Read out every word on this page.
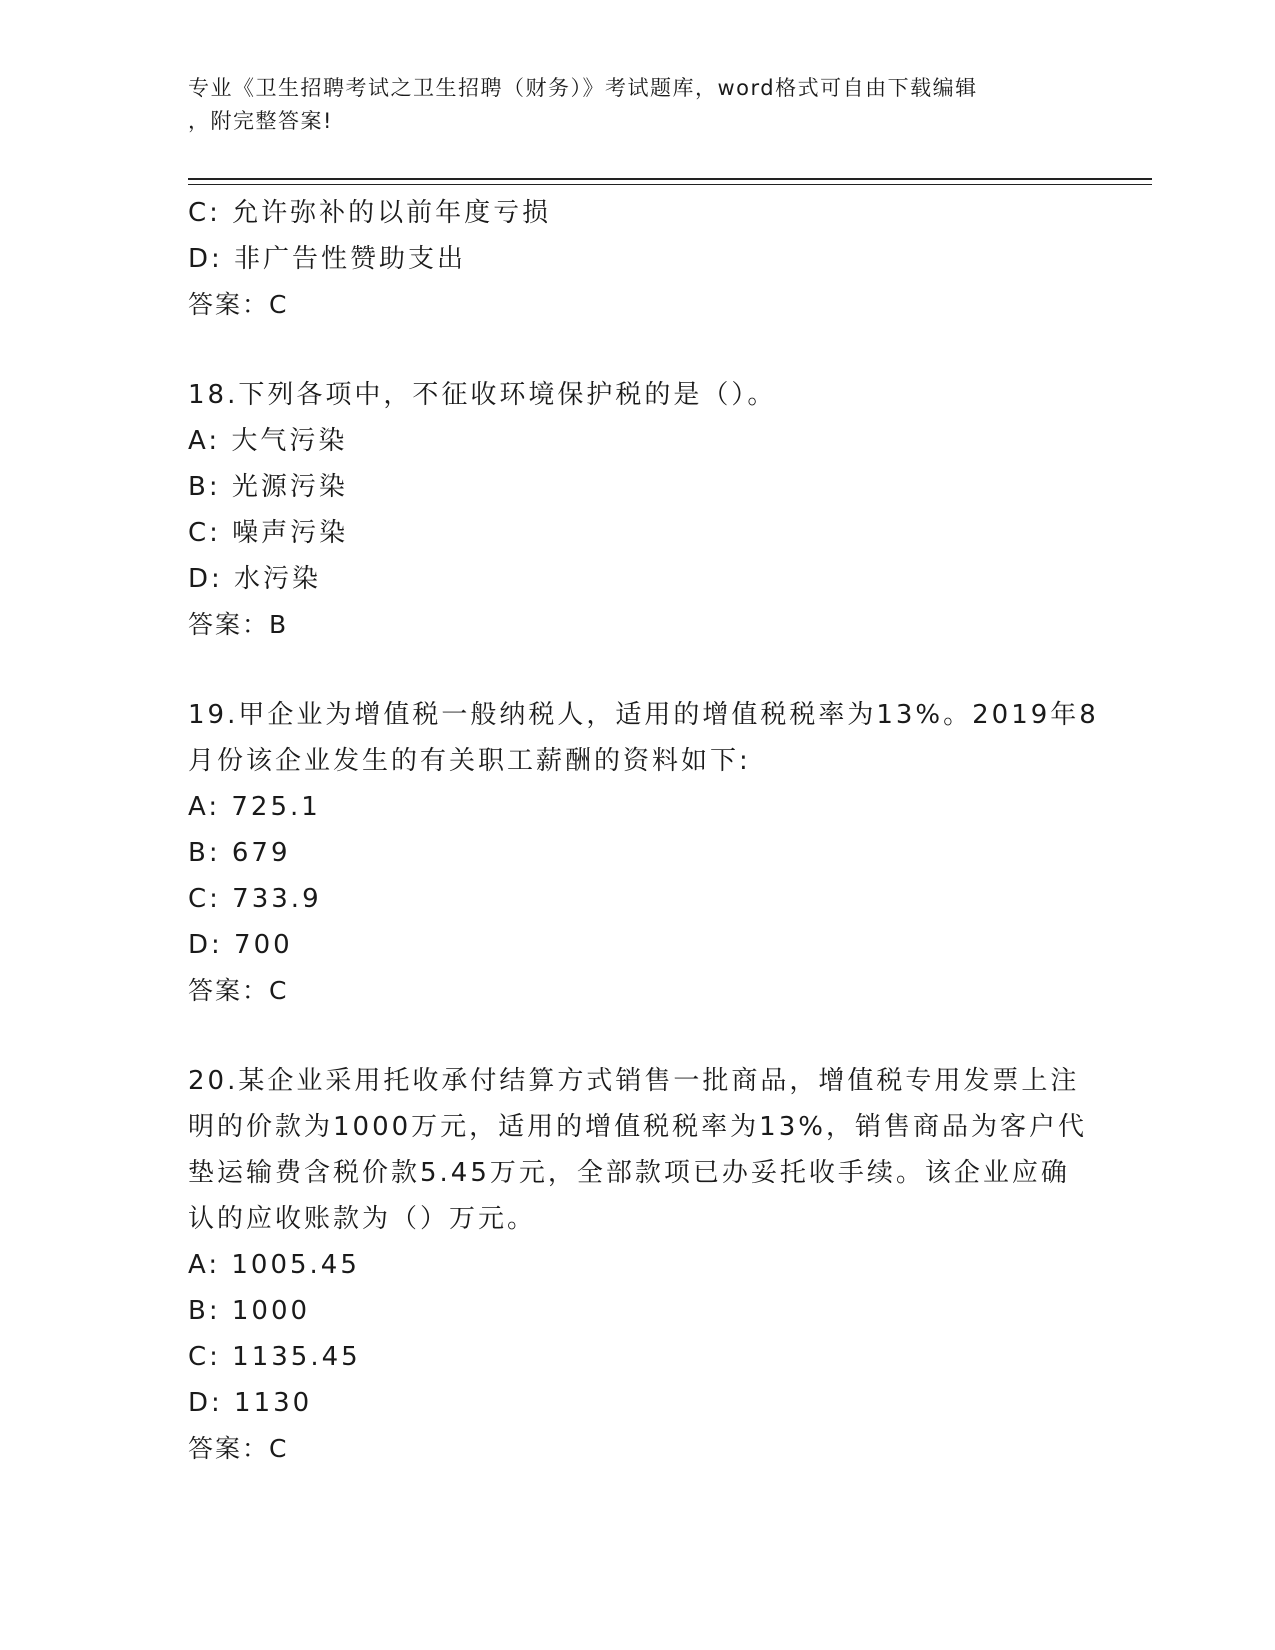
专业《卫生招聘考试之卫生招聘（财务）》考试题库，word格式可自由下载编辑
，附完整答案!
C: 允许弥补的以前年度亏损
D: 非广告性赞助支出
答案：C
18.下列各项中，不征收环境保护税的是（）。
A: 大气污染
B: 光源污染
C: 噪声污染
D: 水污染
答案：B
19.甲企业为增值税一般纳税人，适用的增值税税率为13%。2019年8
月份该企业发生的有关职工薪酬的资料如下:
A: 725.1
B: 679
C: 733.9
D: 700
答案：C
20.某企业采用托收承付结算方式销售一批商品，增值税专用发票上注
明的价款为1000万元，适用的增值税税率为13%，销售商品为客户代
垫运输费含税价款5.45万元，全部款项已办妥托收手续。该企业应确
认的应收账款为（）万元。
A: 1005.45
B: 1000
C: 1135.45
D: 1130
答案：C
